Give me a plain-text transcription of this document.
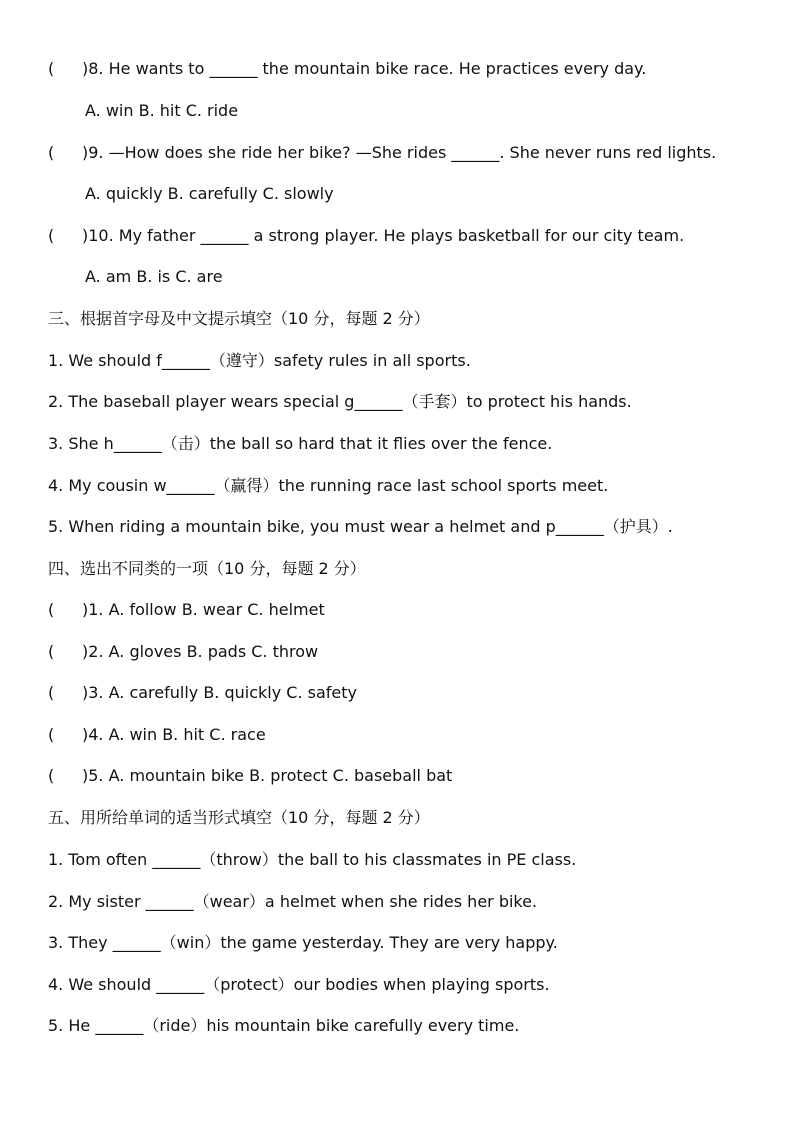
( )8. He wants to ______ the mountain bike race. He practices every day.
A. win B. hit C. ride
( )9. —How does she ride her bike? —She rides ______. She never runs red lights.
A. quickly B. carefully C. slowly
( )10. My father ______ a strong player. He plays basketball for our city team.
A. am B. is C. are
三、根据首字母及中文提示填空（10 分，每题 2 分）
1. We should f______（遵守）safety rules in all sports.
2. The baseball player wears special g______（手套）to protect his hands.
3. She h______（击）the ball so hard that it flies over the fence.
4. My cousin w______（赢得）the running race last school sports meet.
5. When riding a mountain bike, you must wear a helmet and p______（护具）.
四、选出不同类的一项（10 分，每题 2 分）
( )1. A. follow B. wear C. helmet
( )2. A. gloves B. pads C. throw
( )3. A. carefully B. quickly C. safety
( )4. A. win B. hit C. race
( )5. A. mountain bike B. protect C. baseball bat
五、用所给单词的适当形式填空（10 分，每题 2 分）
1. Tom often ______（throw）the ball to his classmates in PE class.
2. My sister ______（wear）a helmet when she rides her bike.
3. They ______（win）the game yesterday. They are very happy.
4. We should ______（protect）our bodies when playing sports.
5. He ______（ride）his mountain bike carefully every time.
